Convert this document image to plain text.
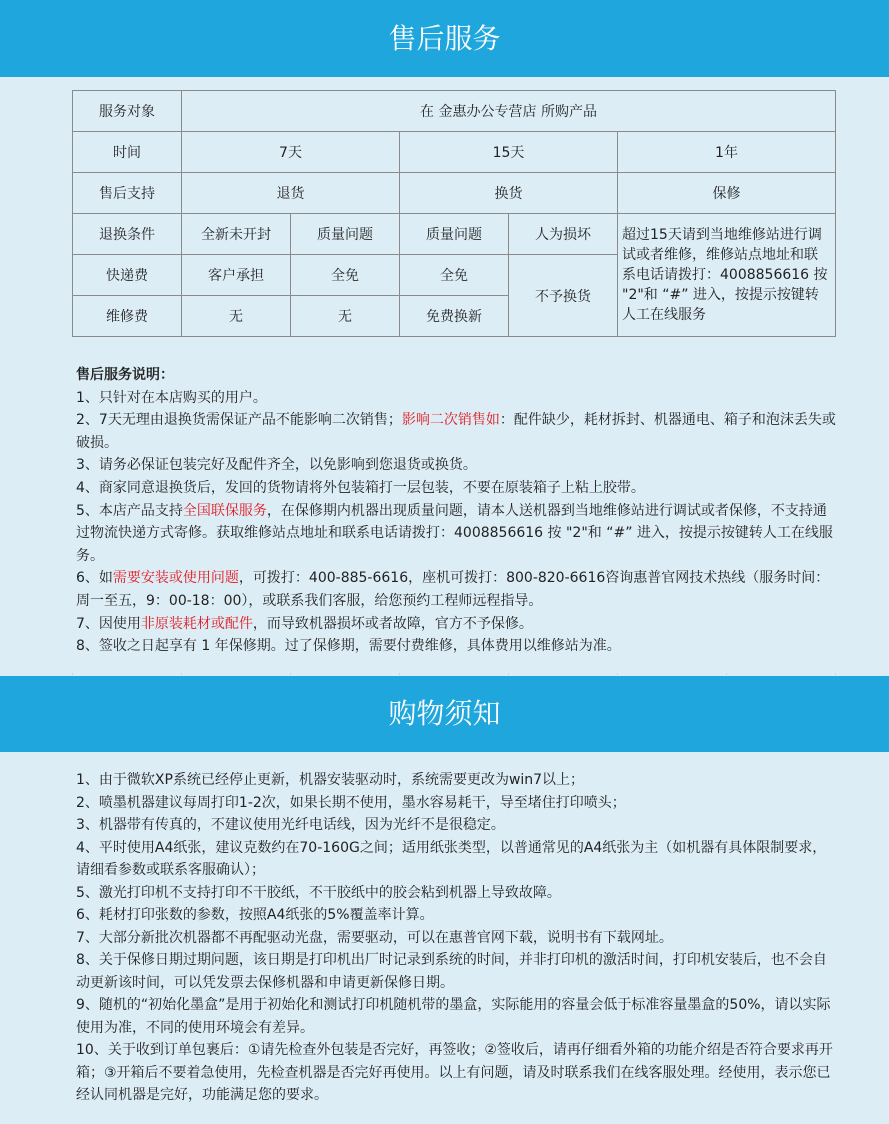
售后服务
服务对象	在 金惠办公专营店 所购产品				
时间	7天		15天		1年
售后支持	退货		换货		保修
退换条件	全新未开封	质量问题	质量问题	人为损坏	超过15天请到当地维修站进行调试或者维修，维修站点地址和联系电话请拨打：4008856616 按 "2"和 “#” 进入，按提示按键转人工在线服务
快递费	客户承担	全免	全免	不予换货	
维修费	无	无	免费换新		

售后服务说明：

1、只针对在本店购买的用户。

2、7天无理由退换货需保证产品不能影响二次销售；影响二次销售如：配件缺少，耗材拆封、机器通电、箱子和泡沫丢失或破损。

3、请务必保证包装完好及配件齐全，以免影响到您退货或换货。

4、商家同意退换货后，发回的货物请将外包装箱打一层包装，不要在原装箱子上粘上胶带。

5、本店产品支持全国联保服务，在保修期内机器出现质量问题，请本人送机器到当地维修站进行调试或者保修，不支持通过物流快递方式寄修。获取维修站点地址和联系电话请拨打：4008856616 按 "2"和 “#” 进入，按提示按键转人工在线服务。

6、如需要安装或使用问题，可拨打：400-885-6616，座机可拨打：800-820-6616咨询惠普官网技术热线（服务时间：周一至五，9：00-18：00），或联系我们客服，给您预约工程师远程指导。

7、因使用非原装耗材或配件，而导致机器损坏或者故障，官方不予保修。

8、签收之日起享有 1 年保修期。过了保修期，需要付费维修，具体费用以维修站为准。

购物须知

1、由于微软XP系统已经停止更新，机器安装驱动时，系统需要更改为win7以上；

2、喷墨机器建议每周打印1-2次，如果长期不使用，墨水容易耗干，导至堵住打印喷头；

3、机器带有传真的，不建议使用光纤电话线，因为光纤不是很稳定。

4、平时使用A4纸张，建议克数约在70-160G之间；适用纸张类型，以普通常见的A4纸张为主（如机器有具体限制要求，请细看参数或联系客服确认）；

5、激光打印机不支持打印不干胶纸，不干胶纸中的胶会粘到机器上导致故障。

6、耗材打印张数的参数，按照A4纸张的5%覆盖率计算。

7、大部分新批次机器都不再配驱动光盘，需要驱动，可以在惠普官网下载，说明书有下载网址。

8、关于保修日期过期问题，该日期是打印机出厂时记录到系统的时间，并非打印机的激活时间，打印机安装后，也不会自动更新该时间，可以凭发票去保修机器和申请更新保修日期。

9、随机的“初始化墨盒”是用于初始化和测试打印机随机带的墨盒，实际能用的容量会低于标准容量墨盒的50%，请以实际使用为准，不同的使用环境会有差异。

10、关于收到订单包裹后：①请先检查外包装是否完好，再签收；②签收后，请再仔细看外箱的功能介绍是否符合要求再开箱；③开箱后不要着急使用，先检查机器是否完好再使用。以上有问题，请及时联系我们在线客服处理。经使用，表示您已经认同机器是完好，功能满足您的要求。
